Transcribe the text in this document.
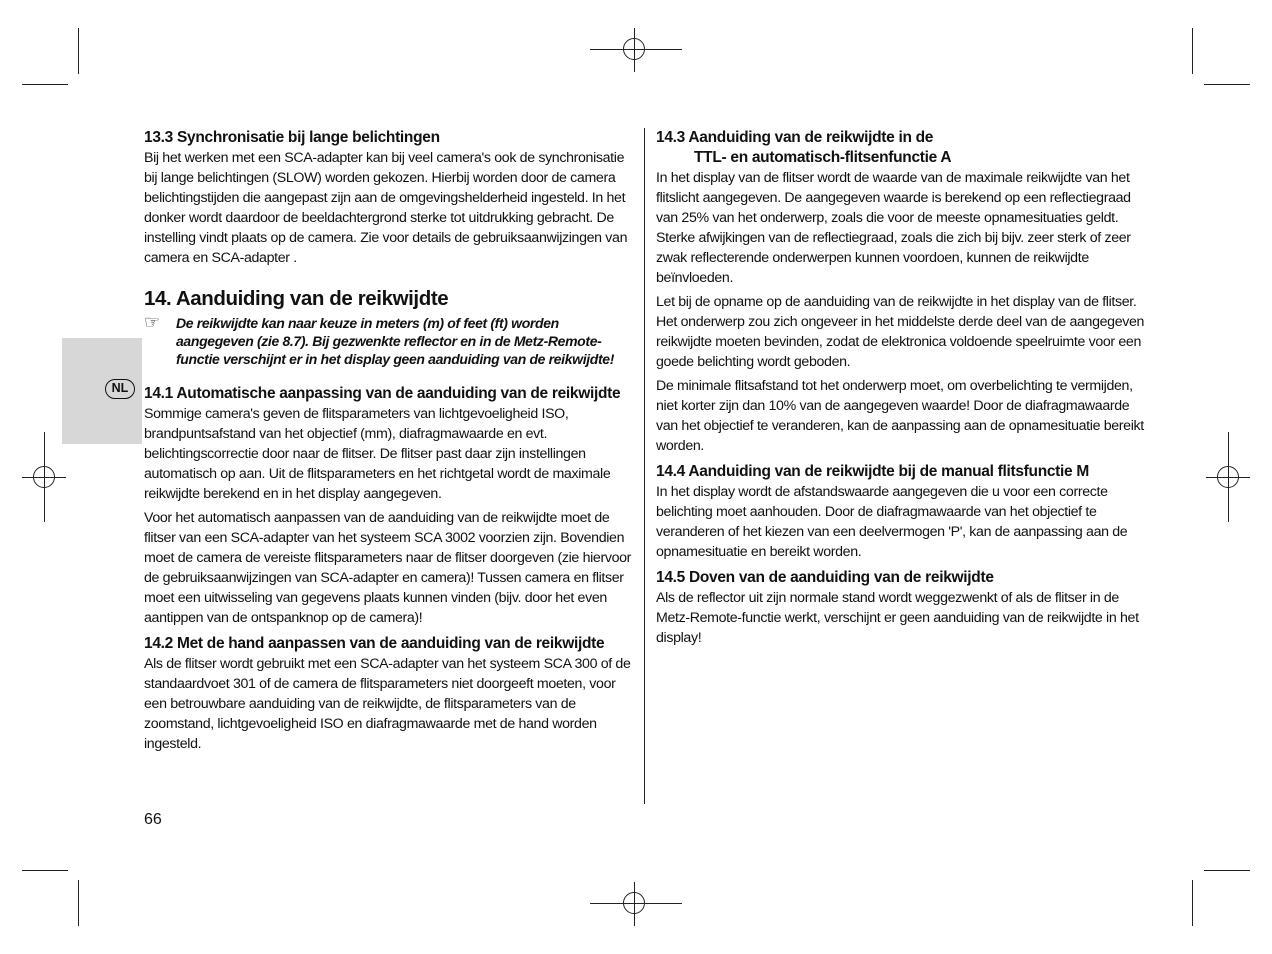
NL
13.3 Synchronisatie bij lange belichtingen

Bij het werken met een SCA-adapter kan bij veel camera's ook de synchronisatie bij lange belichtingen (SLOW) worden gekozen. Hierbij worden door de camera belichtingstijden die aangepast zijn aan de omgevingshelderheid ingesteld. In het donker wordt daardoor de beeldachtergrond sterke tot uitdrukking gebracht. De instelling vindt plaats op de camera. Zie voor details de gebruiksaanwijzingen van camera en SCA-adapter .

14. Aanduiding van de reikwijdte
☞ De reikwijdte kan naar keuze in meters (m) of feet (ft) worden aangegeven (zie 8.7). Bij gezwenkte reflector en in de Metz-Remote-functie verschijnt er in het display geen aanduiding van de reikwijdte!
14.1 Automatische aanpassing van de aanduiding van de reikwijdte

Sommige camera's geven de flitsparameters van lichtgevoeligheid ISO, brandpuntsafstand van het objectief (mm), diafragmawaarde en evt. belichtingscorrectie door naar de flitser. De flitser past daar zijn instellingen automatisch op aan. Uit de flitsparameters en het richtgetal wordt de maximale reikwijdte berekend en in het display aangegeven.

Voor het automatisch aanpassen van de aanduiding van de reikwijdte moet de flitser van een SCA-adapter van het systeem SCA 3002 voorzien zijn. Bovendien moet de camera de vereiste flitsparameters naar de flitser doorgeven (zie hiervoor de gebruiksaanwijzingen van SCA-adapter en camera)! Tussen camera en flitser moet een uitwisseling van gegevens plaats kunnen vinden (bijv. door het even aantippen van de ontspanknop op de camera)!

14.2 Met de hand aanpassen van de aanduiding van de reikwijdte

Als de flitser wordt gebruikt met een SCA-adapter van het systeem SCA 300 of de standaardvoet 301 of de camera de flitsparameters niet doorgeeft moeten, voor een betrouwbare aanduiding van de reikwijdte, de flitsparameters van de zoomstand, lichtgevoeligheid ISO en diafragmawaarde met de hand worden ingesteld.

14.3 Aanduiding van de reikwijdte in de
TTL- en automatisch-flitsenfunctie A

In het display van de flitser wordt de waarde van de maximale reikwijdte van het flitslicht aangegeven. De aangegeven waarde is berekend op een reflectiegraad van 25% van het onderwerp, zoals die voor de meeste opnamesituaties geldt. Sterke afwijkingen van de reflectiegraad, zoals die zich bij bijv. zeer sterk of zeer zwak reflecterende onderwerpen kunnen voordoen, kunnen de reikwijdte beïnvloeden.

Let bij de opname op de aanduiding van de reikwijdte in het display van de flitser. Het onderwerp zou zich ongeveer in het middelste derde deel van de aangegeven reikwijdte moeten bevinden, zodat de elektronica voldoende speelruimte voor een goede belichting wordt geboden.

De minimale flitsafstand tot het onderwerp moet, om overbelichting te vermijden, niet korter zijn dan 10% van de aangegeven waarde! Door de diafragmawaarde van het objectief te veranderen, kan de aanpassing aan de opnamesituatie bereikt worden.

14.4 Aanduiding van de reikwijdte bij de manual flitsfunctie M

In het display wordt de afstandswaarde aangegeven die u voor een correcte belichting moet aanhouden. Door de diafragmawaarde van het objectief te veranderen of het kiezen van een deelvermogen 'P', kan de aanpassing aan de opnamesituatie en bereikt worden.

14.5 Doven van de aanduiding van de reikwijdte

Als de reflector uit zijn normale stand wordt weggezwenkt of als de flitser in de Metz-Remote-functie werkt, verschijnt er geen aanduiding van de reikwijdte in het display!

66
